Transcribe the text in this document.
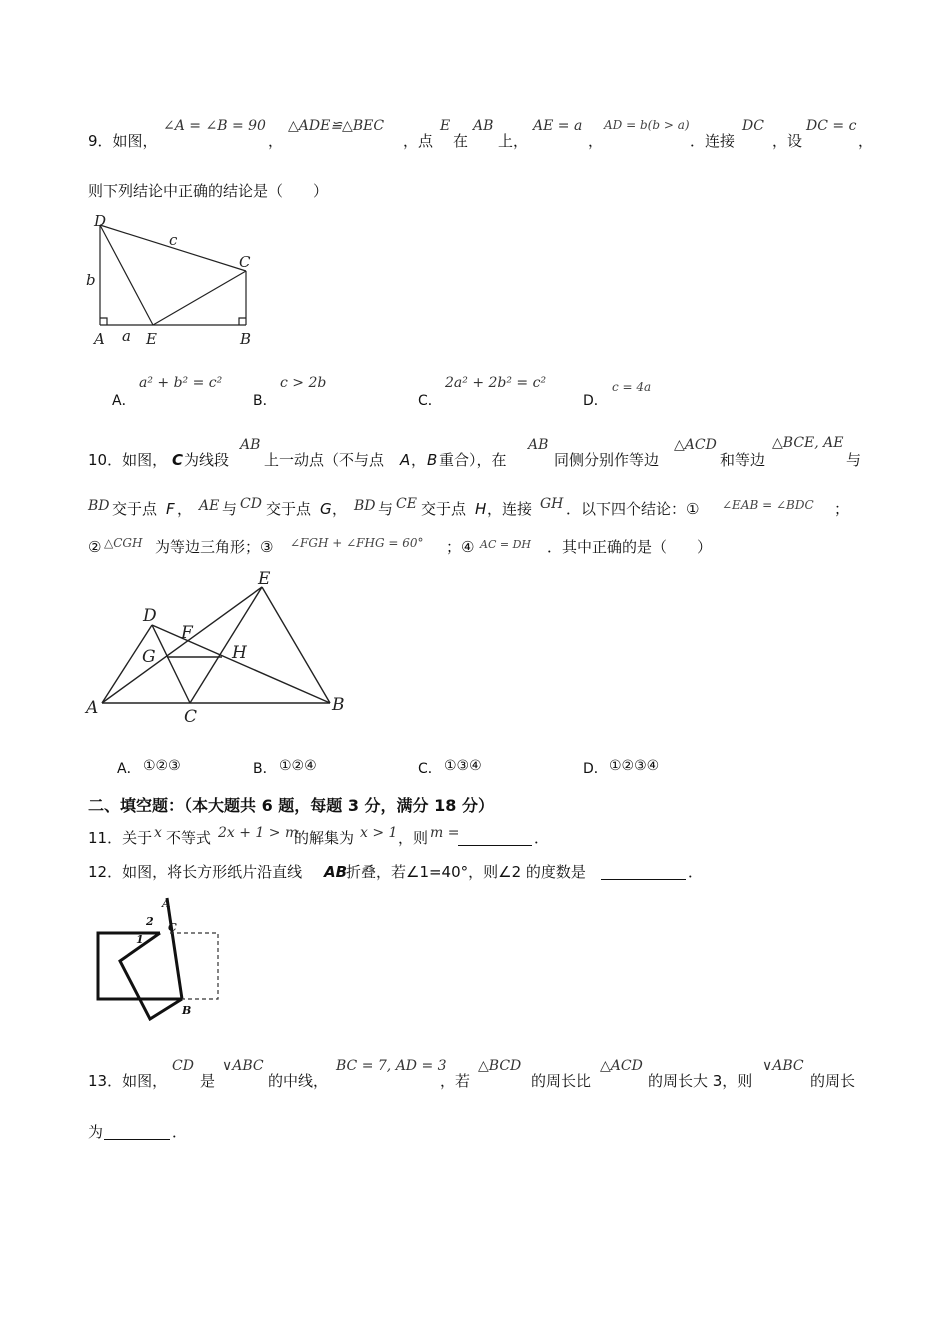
9．如图，
∠A = ∠B = 90
，
△ADE≌△BEC
，点
E
在
AB
上，
AE = a
，
AD = b(b > a)
．连接
DC
，设
DC = c
，
则下列结论中正确的结论是（　　）
D
C
b
c
A a E	B
A．
a² + b² = c²
B．
c > 2b
C．
2a² + 2b² = c²
D．
c = 4a
10．如图， C 为线段
AB
上一动点（不与点 A ， B 重合），在
AB
同侧分别作等边
△ACD
和等边
△BCE, AE
与
BD 交于点 F ， AE 与 CD 交于点 G ， BD 与 CE 交于点 H ，连接 GH ．以下四个结论：① ∠EAB = ∠BDC ；
② △CGH 为等边三角形；③ ∠FGH + ∠FHG = 60° ；④ AC = DH ．其中正确的是（　　）
E
D
F
G	H
A	C
B
A． ①②③	B． ①②④	C． ①③④	D． ①②③④
二、填空题：（本大题共 6 题，每题 3 分，满分 18 分）
11．关于 x 不等式 2x + 1 > m
的解集为 x > 1 ，则 m =	．
12．如图，将长方形纸片沿直线 AB
折叠，若∠1=40°，则∠2 的度数是	．
A
C
B
1
2
13．如图，
CD
是
∨ABC
的中线，
BC = 7, AD = 3
，若
△BCD
的周长比
△ACD
的周长大 3，则
∨ABC
的周长
为	．
